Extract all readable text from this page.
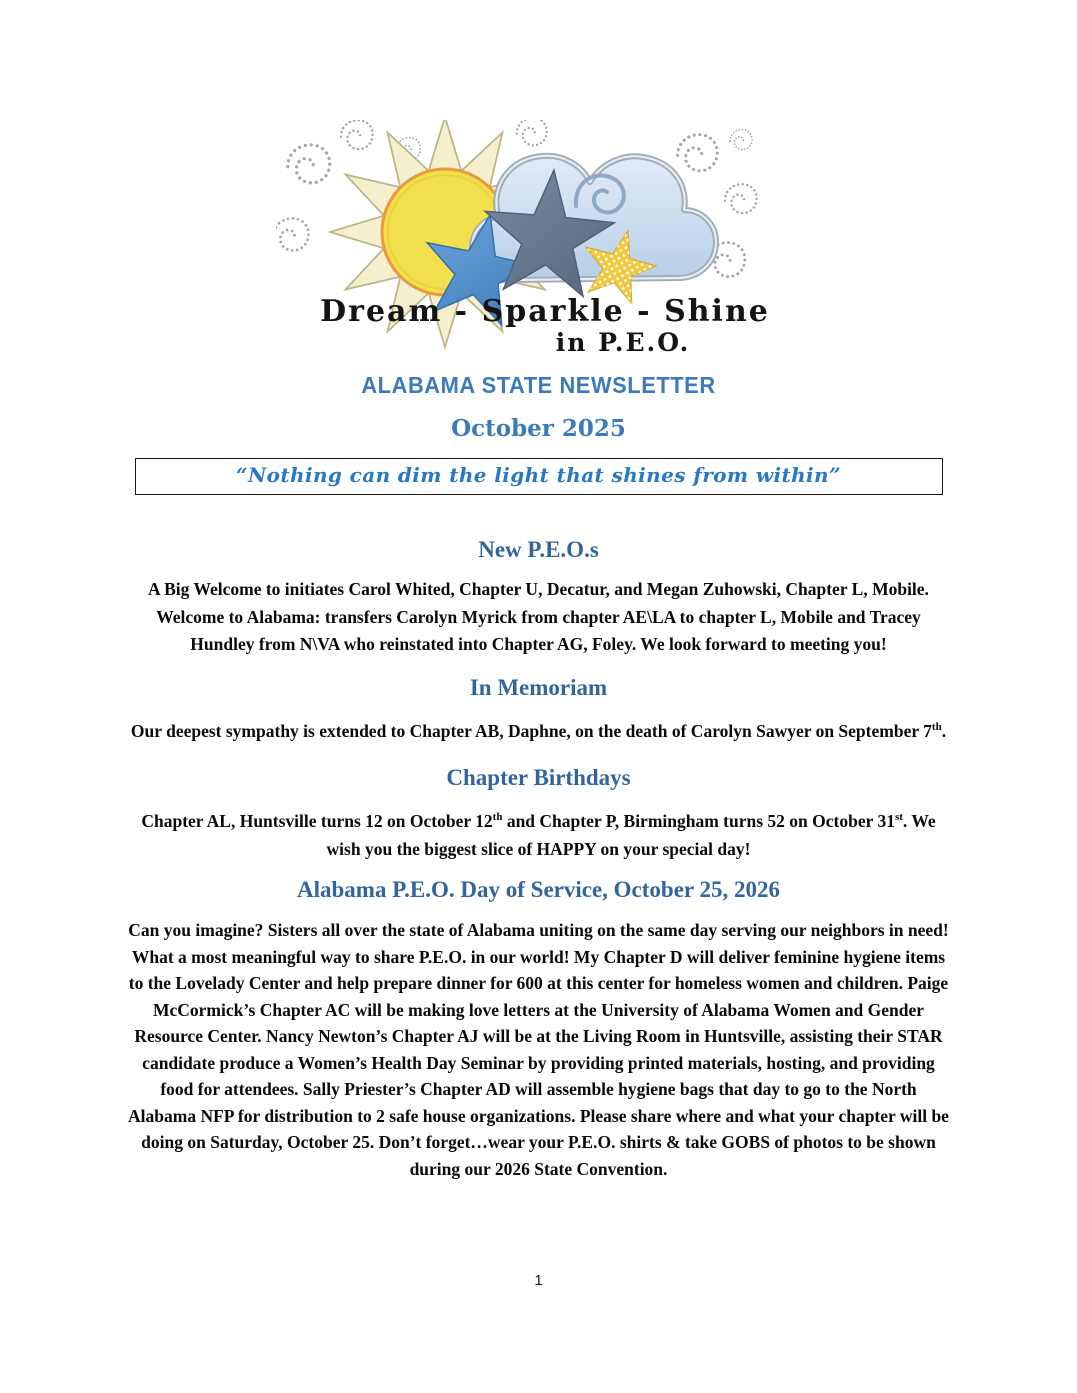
Dream - Sparkle - Shine
in P.E.O.
ALABAMA STATE NEWSLETTER
October 2025
“Nothing can dim the light that shines from within”
New P.E.O.s

A Big Welcome to initiates Carol Whited, Chapter U, Decatur, and Megan Zuhowski, Chapter L, Mobile. Welcome to Alabama: transfers Carolyn Myrick from chapter AE\LA to chapter L, Mobile and Tracey Hundley from N\VA who reinstated into Chapter AG, Foley. We look forward to meeting you!

In Memoriam

Our deepest sympathy is extended to Chapter AB, Daphne, on the death of Carolyn Sawyer on September 7th.

Chapter Birthdays

Chapter AL, Huntsville turns 12 on October 12th and Chapter P, Birmingham turns 52 on October 31st. We wish you the biggest slice of HAPPY on your special day!

Alabama P.E.O. Day of Service, October 25, 2026

Can you imagine? Sisters all over the state of Alabama uniting on the same day serving our neighbors in need! What a most meaningful way to share P.E.O. in our world! My Chapter D will deliver feminine hygiene items to the Lovelady Center and help prepare dinner for 600 at this center for homeless women and children. Paige McCormick’s Chapter AC will be making love letters at the University of Alabama Women and Gender Resource Center. Nancy Newton’s Chapter AJ will be at the Living Room in Huntsville, assisting their STAR candidate produce a Women’s Health Day Seminar by providing printed materials, hosting, and providing food for attendees. Sally Priester’s Chapter AD will assemble hygiene bags that day to go to the North Alabama NFP for distribution to 2 safe house organizations. Please share where and what your chapter will be doing on Saturday, October 25. Don’t forget…wear your P.E.O. shirts & take GOBS of photos to be shown during our 2026 State Convention.

1
